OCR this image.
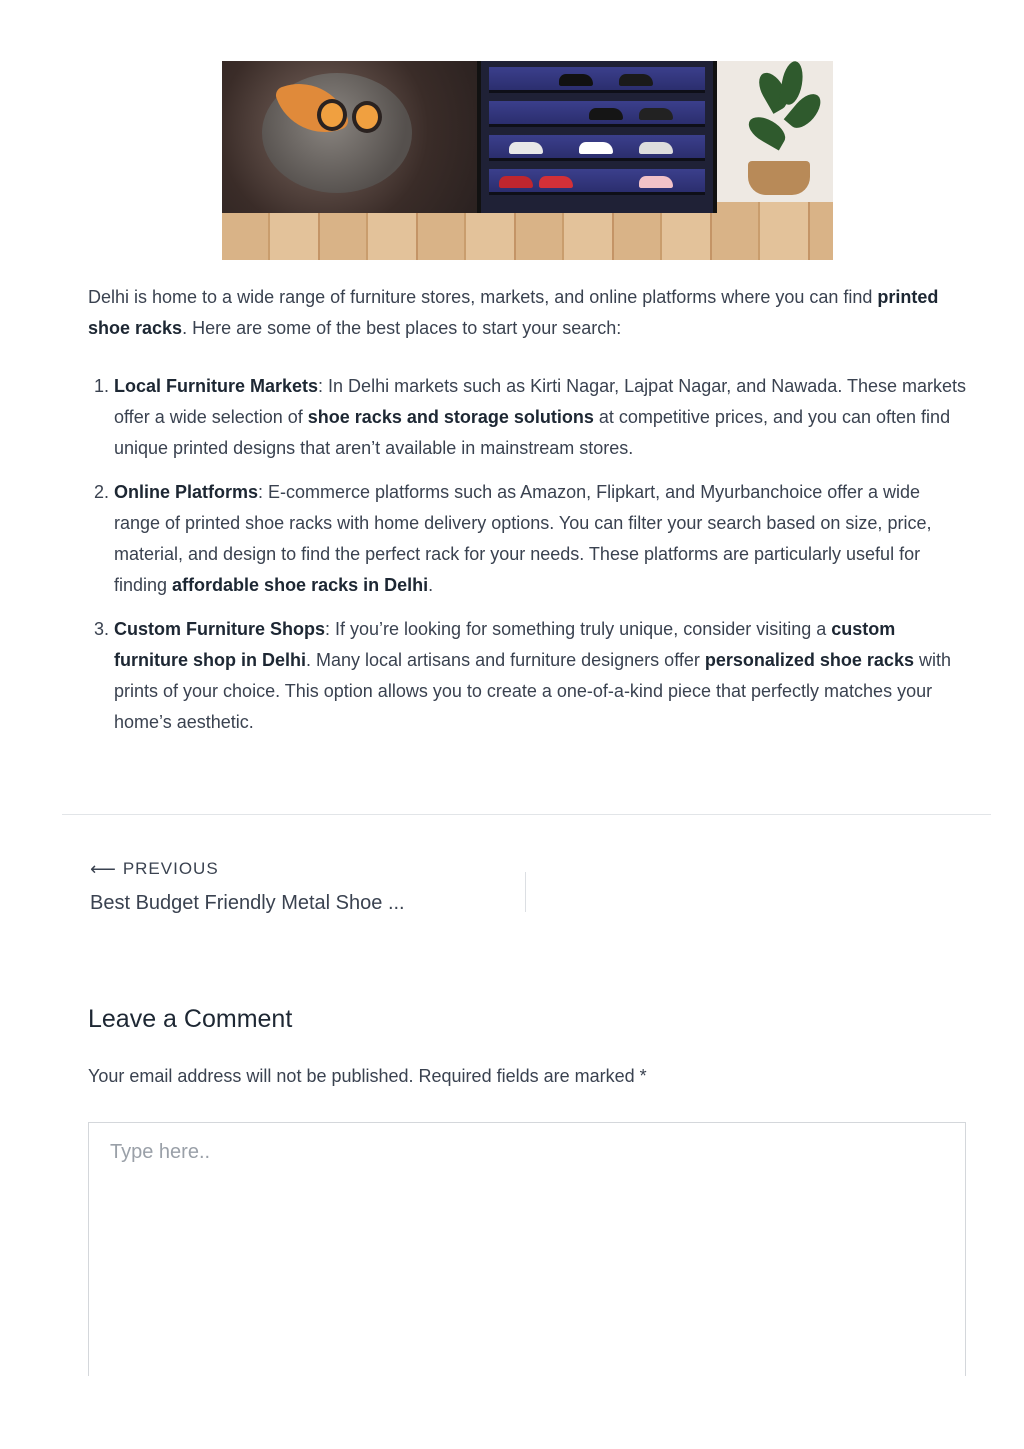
Delhi is home to a wide range of furniture stores, markets, and online platforms where you can find printed shoe racks. Here are some of the best places to start your search:

1. Local Furniture Markets: In Delhi markets such as Kirti Nagar, Lajpat Nagar, and Nawada. These markets offer a wide selection of shoe racks and storage solutions at competitive prices, and you can often find unique printed designs that aren’t available in mainstream stores.
2. Online Platforms: E-commerce platforms such as Amazon, Flipkart, and Myurbanchoice offer a wide range of printed shoe racks with home delivery options. You can filter your search based on size, price, material, and design to find the perfect rack for your needs. These platforms are particularly useful for finding affordable shoe racks in Delhi.
3. Custom Furniture Shops: If you’re looking for something truly unique, consider visiting a custom furniture shop in Delhi. Many local artisans and furniture designers offer personalized shoe racks with prints of your choice. This option allows you to create a one-of-a-kind piece that perfectly matches your home’s aesthetic.
⟵ PREVIOUS
Best Budget Friendly Metal Shoe ...
Leave a Comment

Your email address will not be published. Required fields are marked *

Type here..
